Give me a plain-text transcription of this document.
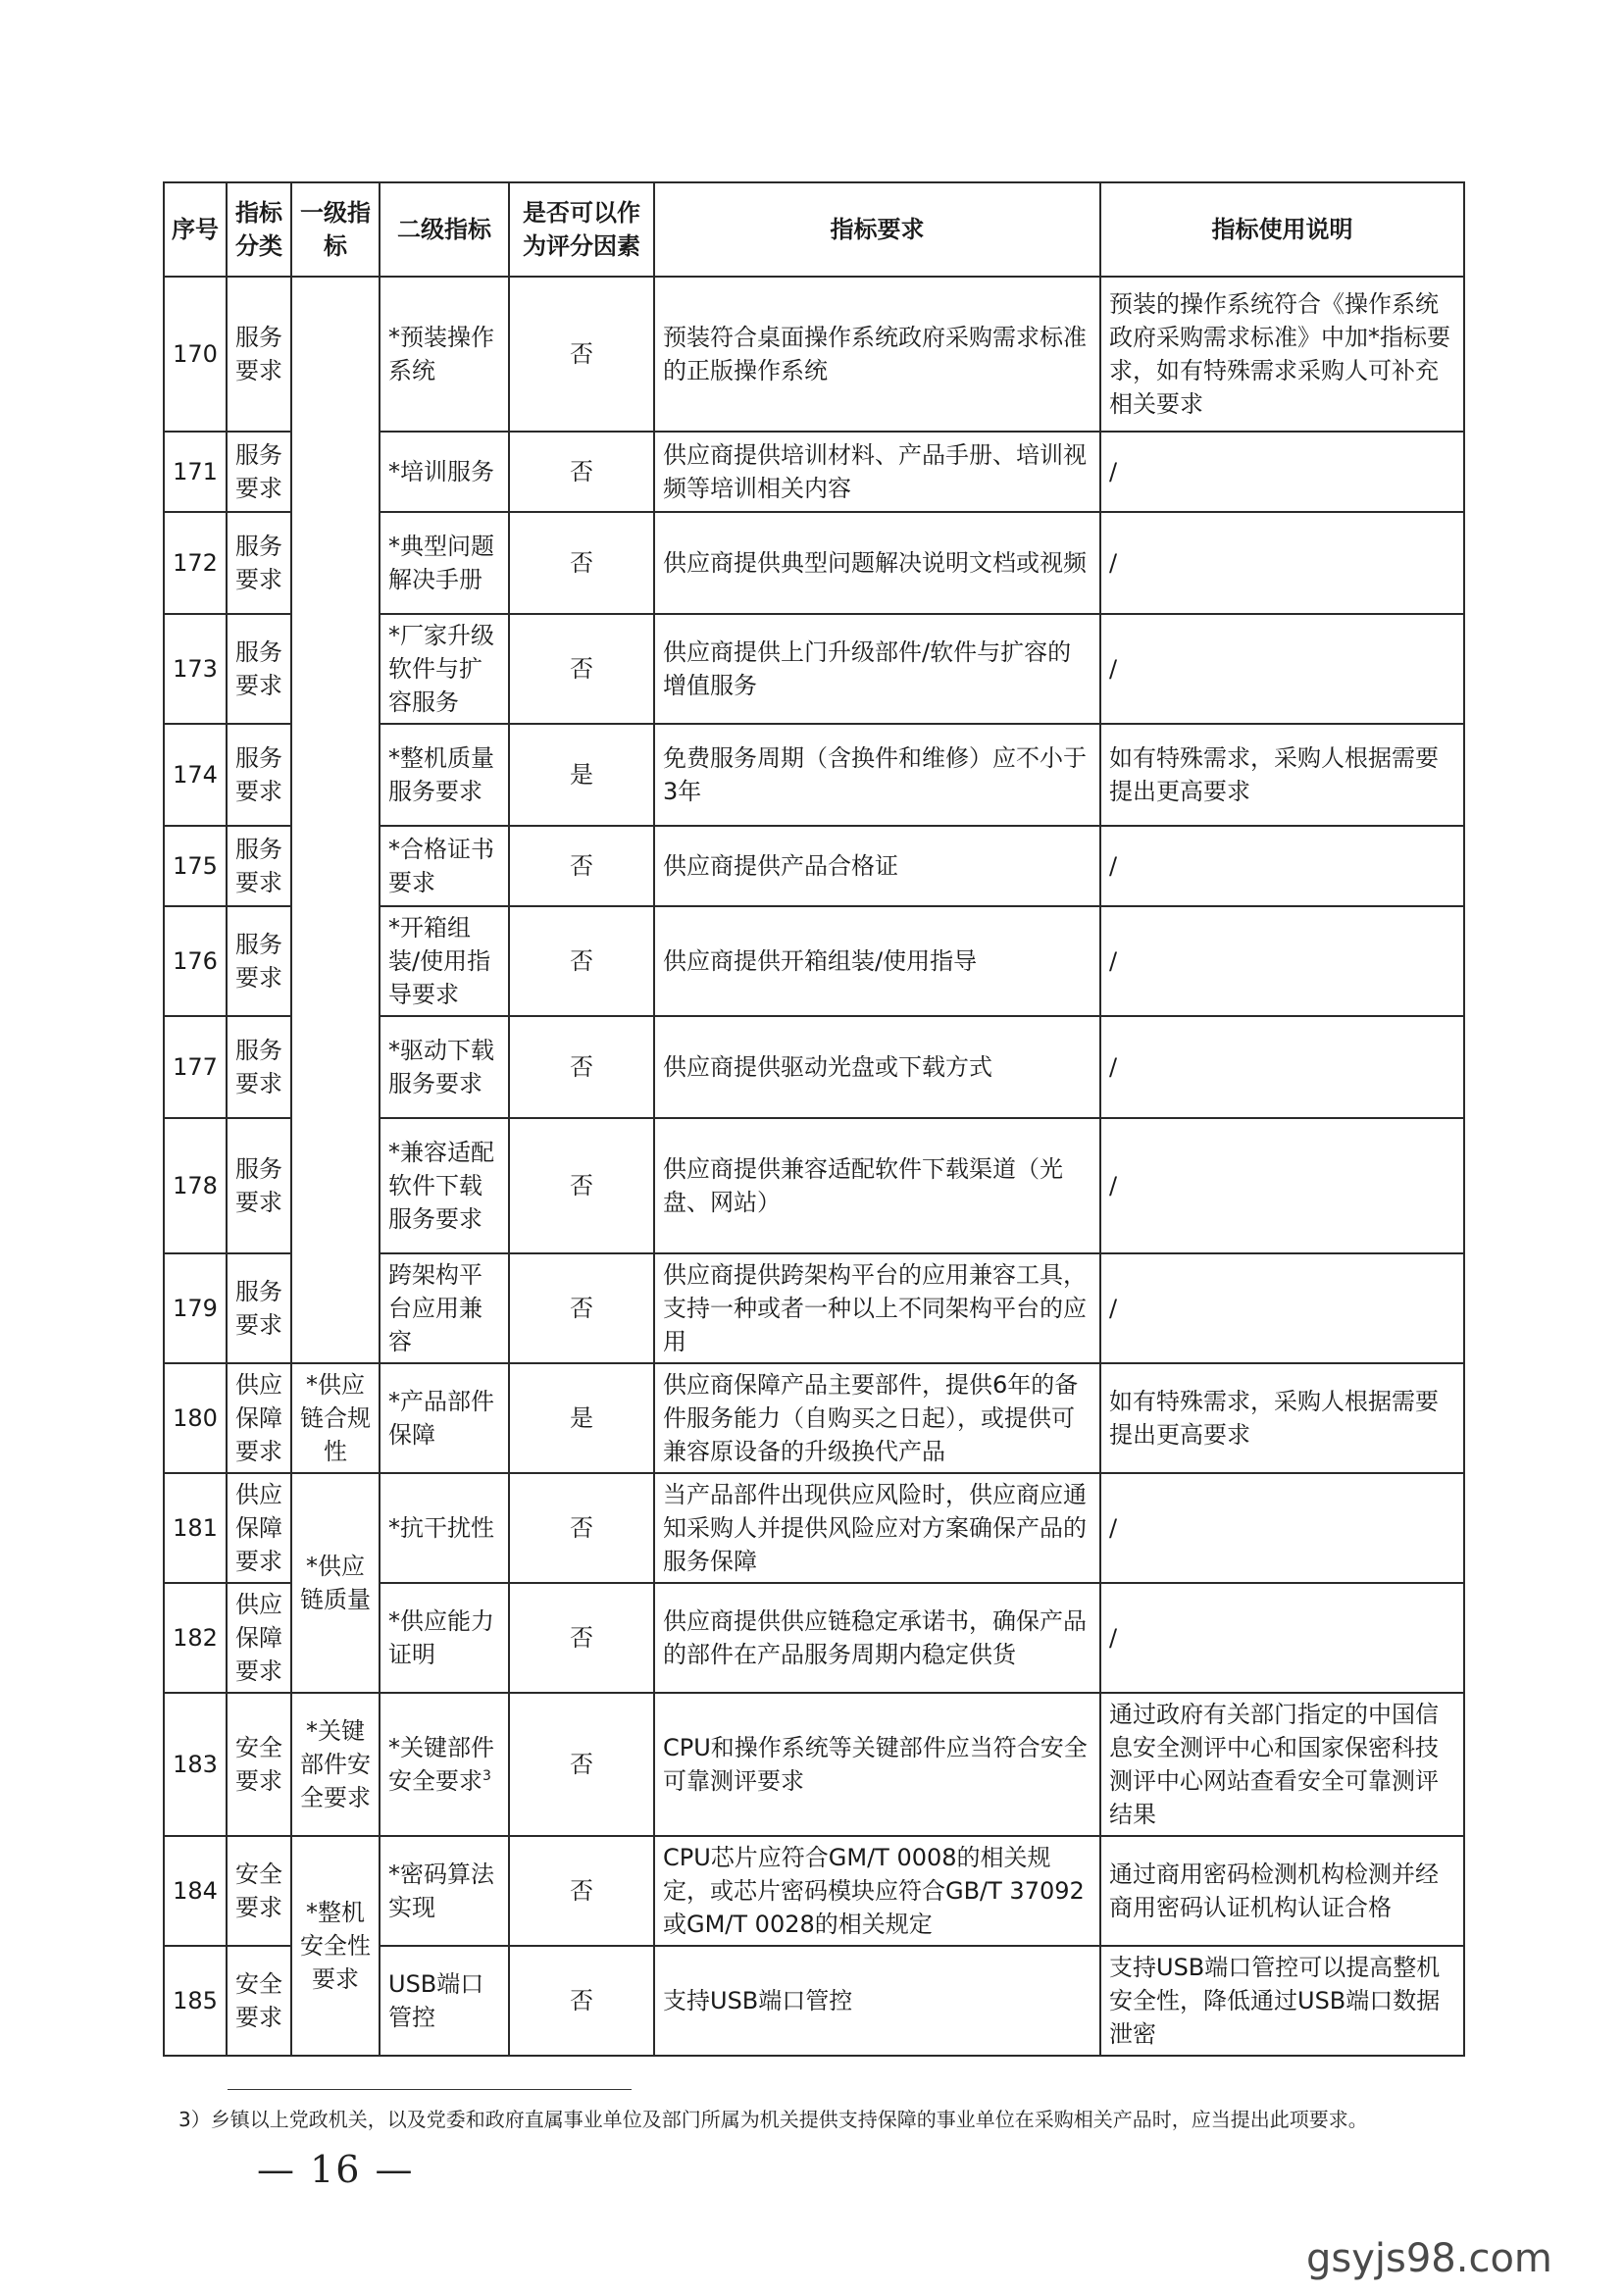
序号	指标分类	一级指标	二级指标	是否可以作为评分因素	指标要求	指标使用说明
170	服务要求		*预装操作系统	否	预装符合桌面操作系统政府采购需求标准的正版操作系统	预装的操作系统符合《操作系统政府采购需求标准》中加*指标要求，如有特殊需求采购人可补充相关要求
171	服务要求		*培训服务	否	供应商提供培训材料、产品手册、培训视频等培训相关内容	/
172	服务要求		*典型问题解决手册	否	供应商提供典型问题解决说明文档或视频	/
173	服务要求		*厂家升级软件与扩容服务	否	供应商提供上门升级部件/软件与扩容的增值服务	/
174	服务要求		*整机质量服务要求	是	免费服务周期（含换件和维修）应不小于3年	如有特殊需求，采购人根据需要提出更高要求
175	服务要求		*合格证书要求	否	供应商提供产品合格证	/
176	服务要求		*开箱组装/使用指导要求	否	供应商提供开箱组装/使用指导	/
177	服务要求		*驱动下载服务要求	否	供应商提供驱动光盘或下载方式	/
178	服务要求		*兼容适配软件下载服务要求	否	供应商提供兼容适配软件下载渠道（光盘、网站）	/
179	服务要求		跨架构平台应用兼容	否	供应商提供跨架构平台的应用兼容工具，支持一种或者一种以上不同架构平台的应用	/
180	供应保障要求	*供应链合规性	*产品部件保障	是	供应商保障产品主要部件，提供6年的备件服务能力（自购买之日起），或提供可兼容原设备的升级换代产品	如有特殊需求，采购人根据需要提出更高要求
181	供应保障要求	*供应链质量	*抗干扰性	否	当产品部件出现供应风险时，供应商应通知采购人并提供风险应对方案确保产品的服务保障	/
182	供应保障要求		*供应能力证明	否	供应商提供供应链稳定承诺书，确保产品的部件在产品服务周期内稳定供货	/
183	安全要求	*关键部件安全要求	*关键部件安全要求$^3$	否	CPU和操作系统等关键部件应当符合安全可靠测评要求	通过政府有关部门指定的中国信息安全测评中心和国家保密科技测评中心网站查看安全可靠测评结果
184	安全要求	*整机安全性要求	*密码算法实现	否	CPU芯片应符合GM/T 0008的相关规定，或芯片密码模块应符合GB/T 37092或GM/T 0028的相关规定	通过商用密码检测机构检测并经商用密码认证机构认证合格
185	安全要求		USB端口管控	否	支持USB端口管控	支持USB端口管控可以提高整机安全性，降低通过USB端口数据泄密
3）乡镇以上党政机关，以及党委和政府直属事业单位及部门所属为机关提供支持保障的事业单位在采购相关产品时，应当提出此项要求。
— 16 —
gsyjs98.com
